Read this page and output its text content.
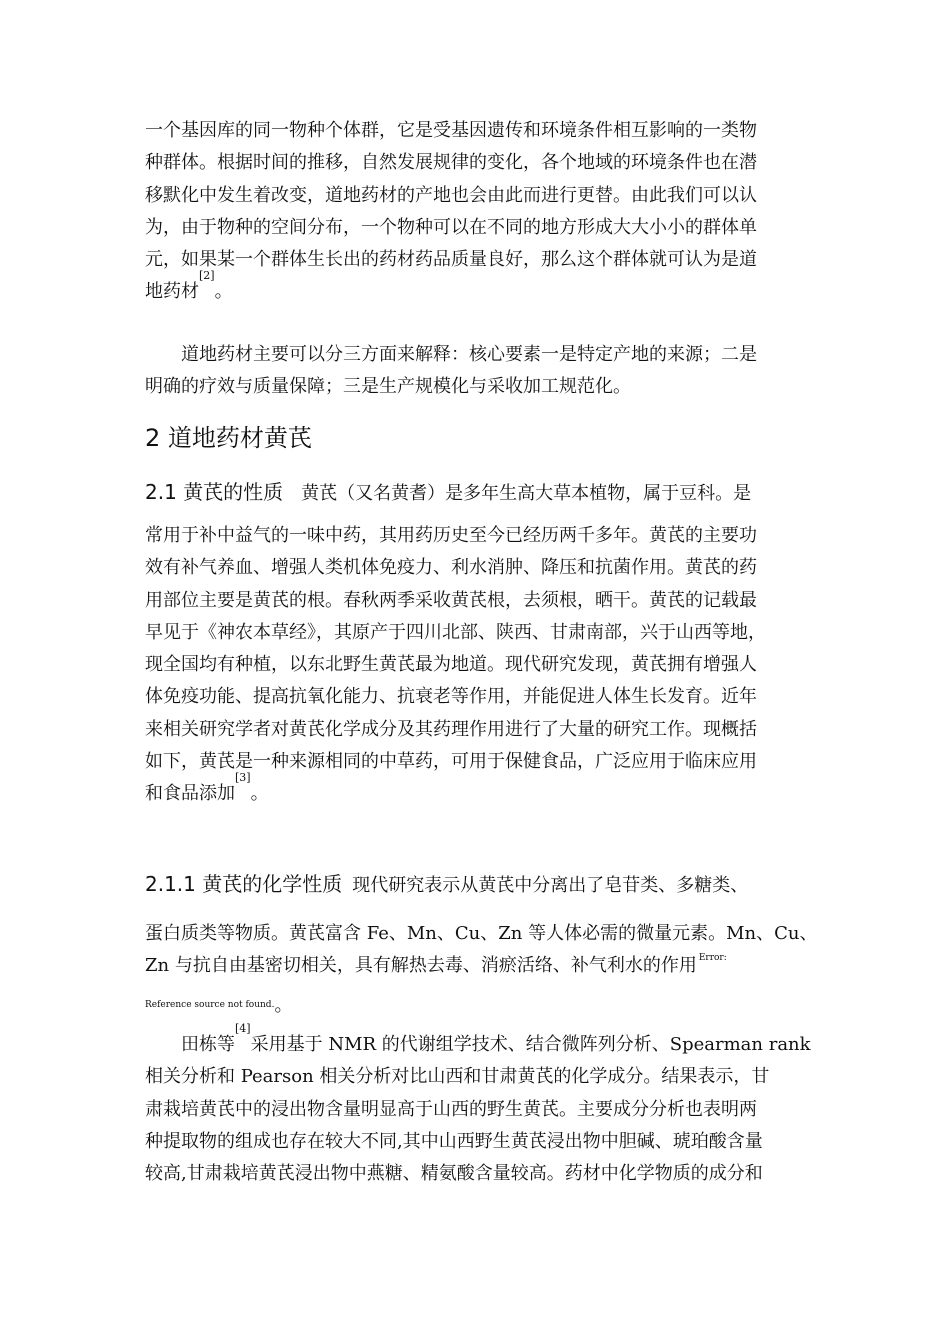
一个基因库的同一物种个体群，它是受基因遗传和环境条件相互影响的一类物
种群体。根据时间的推移，自然发展规律的变化，各个地域的环境条件也在潜
移默化中发生着改变，道地药材的产地也会由此而进行更替。由此我们可以认
为，由于物种的空间分布，一个物种可以在不同的地方形成大大小小的群体单
元，如果某一个群体生长出的药材药品质量良好，那么这个群体就可认为是道
地药材[2]。
道地药材主要可以分三方面来解释：核心要素一是特定产地的来源；二是
明确的疗效与质量保障；三是生产规模化与采收加工规范化。
2 道地药材黄芪
2.1 黄芪的性质 黄芪（又名黄耆）是多年生高大草本植物，属于豆科。是
常用于补中益气的一味中药，其用药历史至今已经历两千多年。黄芪的主要功
效有补气养血、增强人类机体免疫力、利水消肿、降压和抗菌作用。黄芪的药
用部位主要是黄芪的根。春秋两季采收黄芪根，去须根，晒干。黄芪的记载最
早见于《神农本草经》，其原产于四川北部、陕西、甘肃南部，兴于山西等地，
现全国均有种植，以东北野生黄芪最为地道。现代研究发现，黄芪拥有增强人
体免疫功能、提高抗氧化能力、抗衰老等作用，并能促进人体生长发育。近年
来相关研究学者对黄芪化学成分及其药理作用进行了大量的研究工作。现概括
如下，黄芪是一种来源相同的中草药，可用于保健食品，广泛应用于临床应用
和食品添加[3]。
2.1.1 黄芪的化学性质 现代研究表示从黄芪中分离出了皂苷类、多糖类、
蛋白质类等物质。黄芪富含 Fe、Mn、Cu、Zn 等人体必需的微量元素。Mn、Cu、
Zn 与抗自由基密切相关，具有解热去毒、消瘀活络、补气利水的作用 $^{Error:}$
Reference source not found.。
田栋等[4]采用基于 NMR 的代谢组学技术、结合微阵列分析、Spearman rank
相关分析和 Pearson 相关分析对比山西和甘肃黄芪的化学成分。结果表示，甘
肃栽培黄芪中的浸出物含量明显高于山西的野生黄芪。主要成分分析也表明两
种提取物的组成也存在较大不同,其中山西野生黄芪浸出物中胆碱、琥珀酸含量
较高,甘肃栽培黄芪浸出物中燕糖、精氨酸含量较高。药材中化学物质的成分和
